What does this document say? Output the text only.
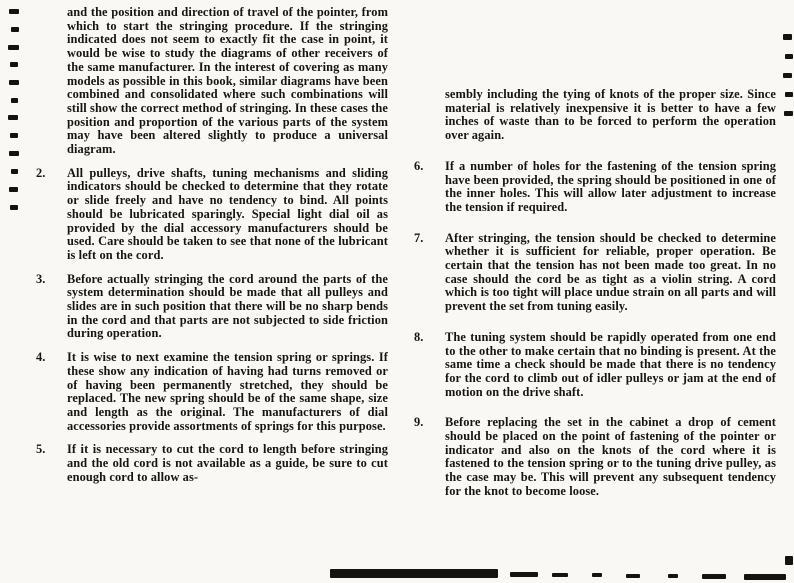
and the position and direction of travel of the pointer, from which to start the stringing procedure. If the stringing indicated does not seem to exactly fit the case in point, it would be wise to study the diagrams of other receivers of the same manufacturer. In the interest of covering as many models as possible in this book, similar diagrams have been combined and consolidated where such combinations will still show the correct method of stringing. In these cases the position and proportion of the various parts of the system may have been altered slightly to produce a universal diagram.
2.	All pulleys, drive shafts, tuning mechanisms and sliding indicators should be checked to determine that they rotate or slide freely and have no tendency to bind. All points should be lubricated sparingly. Special light dial oil as provided by the dial accessory manufacturers should be used. Care should be taken to see that none of the lubricant is left on the cord.
3.	Before actually stringing the cord around the parts of the system determination should be made that all pulleys and slides are in such position that there will be no sharp bends in the cord and that parts are not subjected to side friction during operation.
4.	It is wise to next examine the tension spring or springs. If these show any indication of having had turns removed or of having been permanently stretched, they should be replaced. The new spring should be of the same shape, size and length as the original. The manufacturers of dial accessories provide assortments of springs for this purpose.
5.	If it is necessary to cut the cord to length before stringing and the old cord is not available as a guide, be sure to cut enough cord to allow as-
sembly including the tying of knots of the proper size. Since material is relatively inexpensive it is better to have a few inches of waste than to be forced to perform the operation over again.
6.	If a number of holes for the fastening of the tension spring have been provided, the spring should be positioned in one of the inner holes. This will allow later adjustment to increase the tension if required.
7.	After stringing, the tension should be checked to determine whether it is sufficient for reliable, proper operation. Be certain that the tension has not been made too great. In no case should the cord be as tight as a violin string. A cord which is too tight will place undue strain on all parts and will prevent the set from tuning easily.
8.	The tuning system should be rapidly operated from one end to the other to make certain that no binding is present. At the same time a check should be made that there is no tendency for the cord to climb out of idler pulleys or jam at the end of motion on the drive shaft.
9.	Before replacing the set in the cabinet a drop of cement should be placed on the point of fastening of the pointer or indicator and also on the knots of the cord where it is fastened to the tension spring or to the tuning drive pulley, as the case may be. This will prevent any subsequent tendency for the knot to become loose.
